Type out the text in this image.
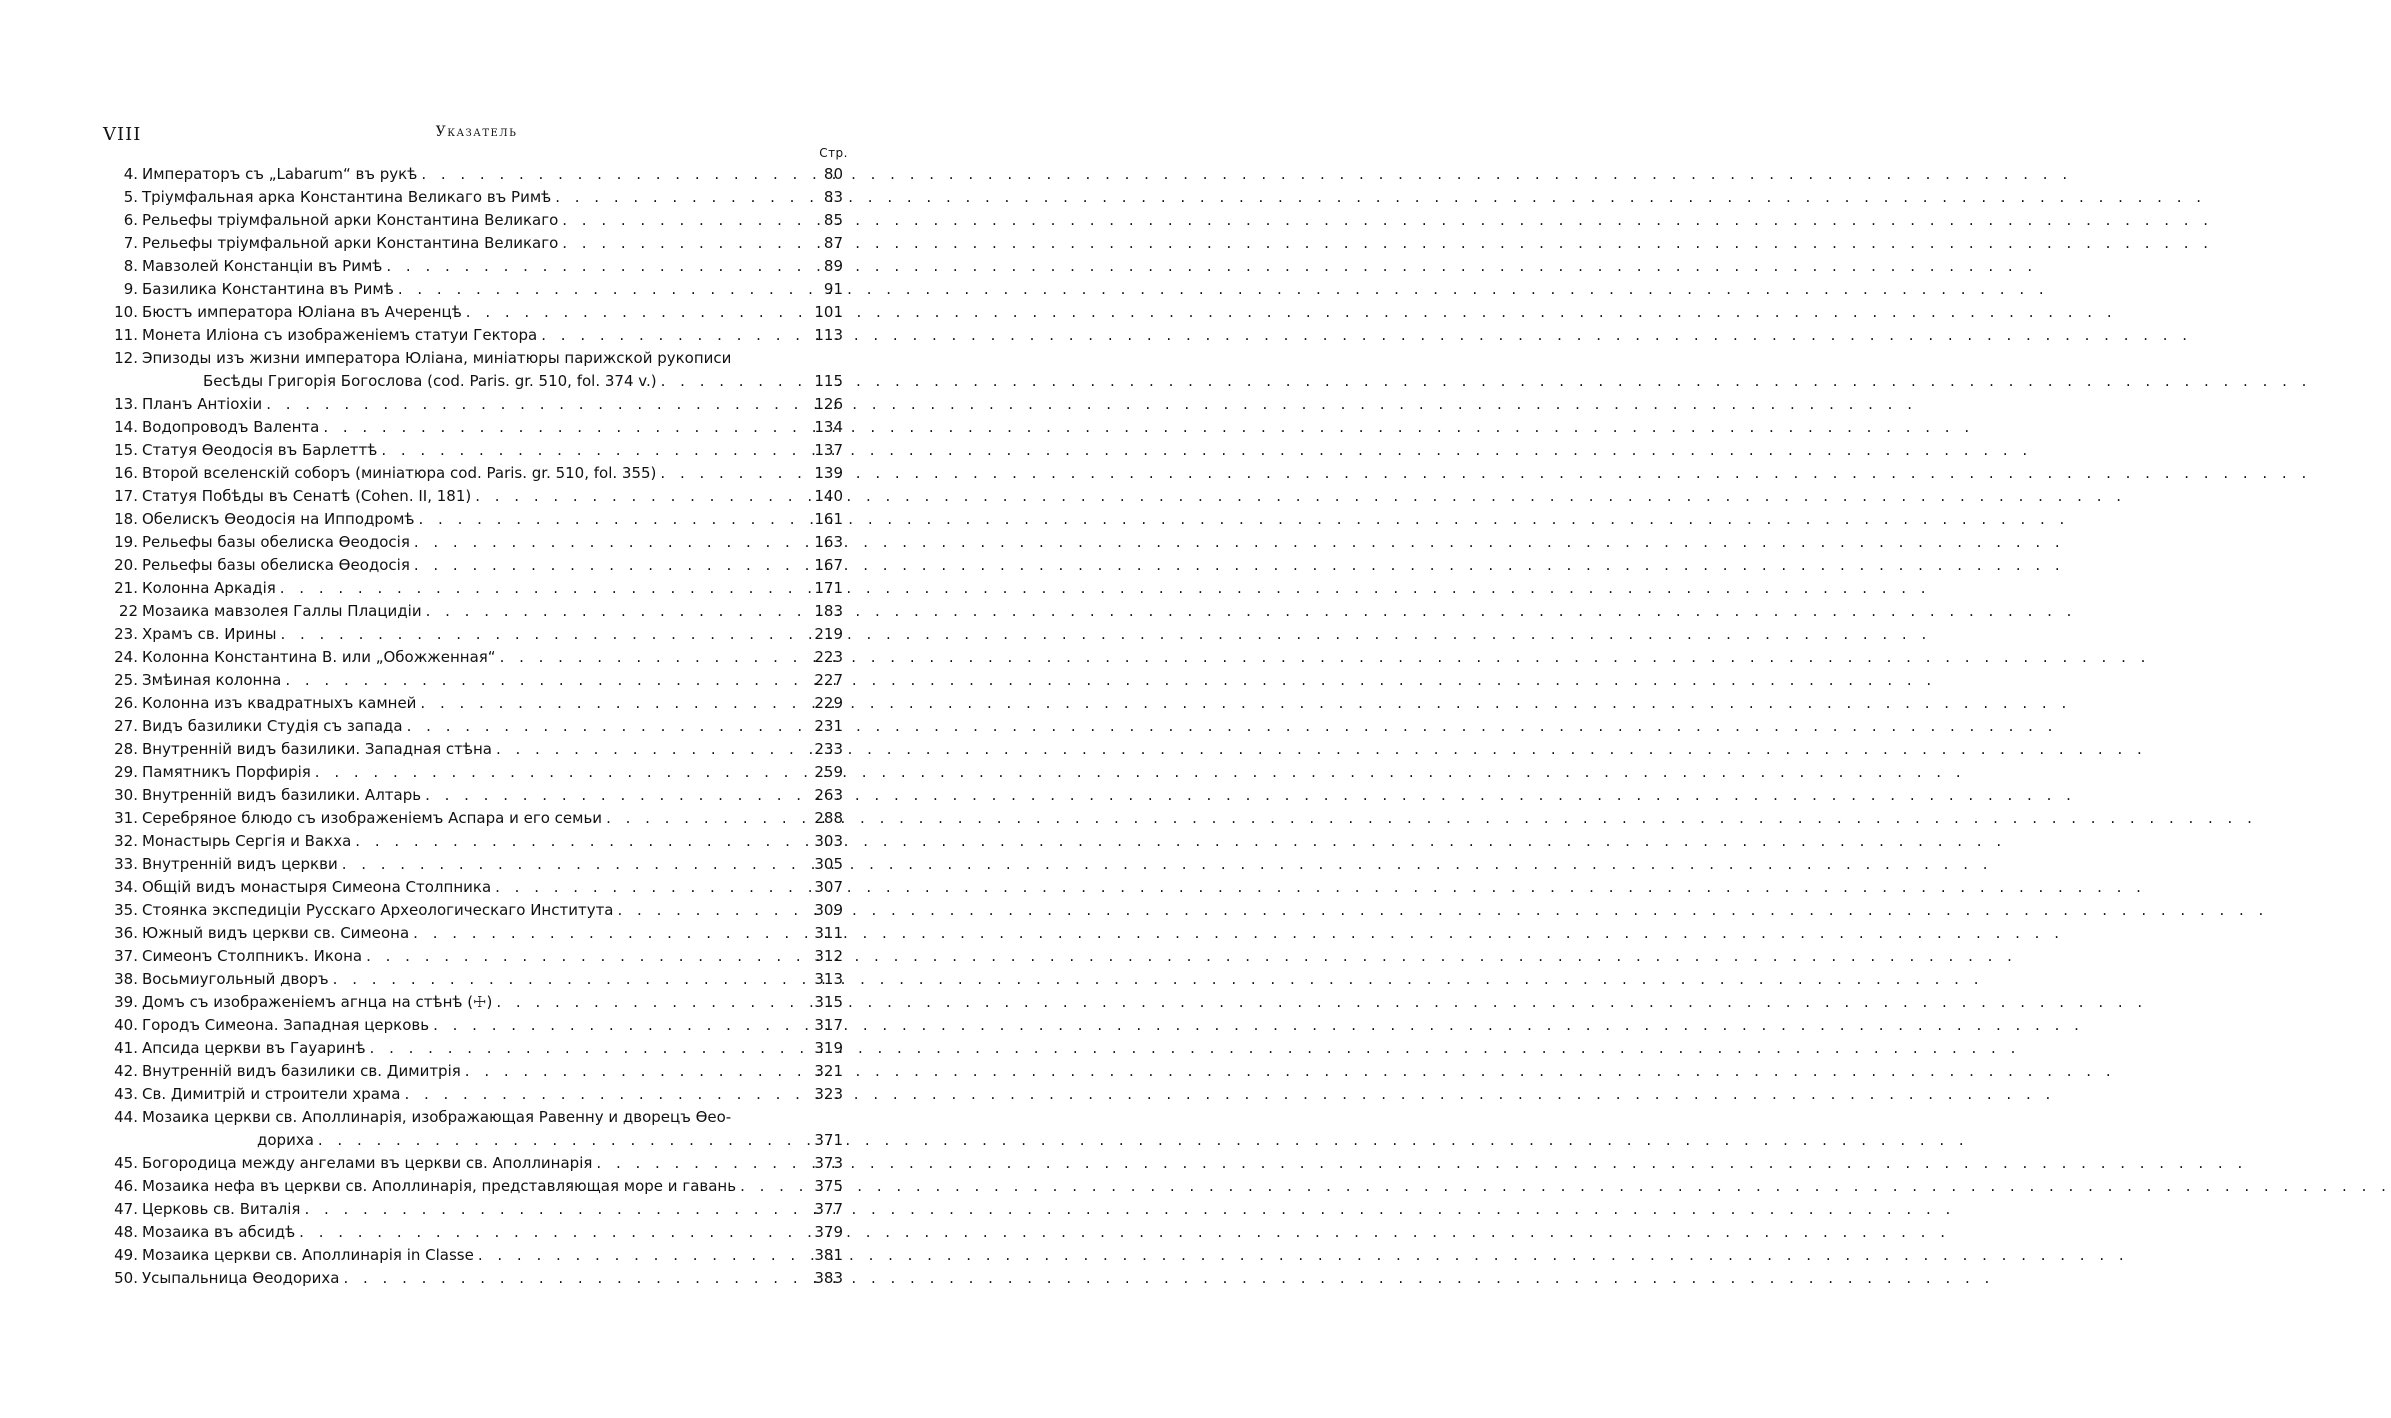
VIII	Указатель
Стр.
4. Императоръ съ „Labarum“ въ рукѣ . . .	80
5. Тріумфальная арка Константина Великаго въ Римѣ . . .	83
6. Рельефы тріумфальной арки Константина Великаго . . .	85
7. Рельефы тріумфальной арки Константина Великаго . . .	87
8. Мавзолей Констанціи въ Римѣ . . .	89
9. Базилика Константина въ Римѣ . . .	91
10. Бюстъ императора Юліана въ Ачеренцѣ . . .	101
11. Монета Иліона съ изображеніемъ статуи Гектора . . .	113
12. Эпизоды изъ жизни императора Юліана, миніатюры парижской рукописи
Бесѣды Григорія Богослова (cod. Paris. gr. 510, fol. 374 v.) . . .	115
13. Планъ Антіохіи . . .	126
14. Водопроводъ Валента . . .	134
15. Статуя Ѳеодосія въ Барлеттѣ . . .	137
16. Второй вселенскій соборъ (миніатюра cod. Paris. gr. 510, fol. 355) . . .	139
17. Статуя Побѣды въ Сенатѣ (Cohen. II, 181) . . .	140
18. Обелискъ Ѳеодосія на Ипподромѣ . . .	161
19. Рельефы базы обелиска Ѳеодосія . . .	163
20. Рельефы базы обелиска Ѳеодосія . . .	167
21. Колонна Аркадія . . .	171
22 Мозаика мавзолея Галлы Плацидіи . . .	183
23. Храмъ св. Ирины . . .	219
24. Колонна Константина В. или „Обожженная“ . . .	223
25. Змѣиная колонна . . .	227
26. Колонна изъ квадратныхъ камней . . .	229
27. Видъ базилики Студія съ запада . . .	231
28. Внутренній видъ базилики. Западная стѣна . . .	233
29. Памятникъ Порфирія . . .	259
30. Внутренній видъ базилики. Алтарь . . .	263
31. Серебряное блюдо съ изображеніемъ Аспара и его семьи . . .	288
32. Монастырь Сергія и Вакха . . .	303
33. Внутренній видъ церкви . . .	305
34. Общій видъ монастыря Симеона Столпника . . .	307
35. Стоянка экспедиціи Русскаго Археологическаго Института . . .	309
36. Южный видъ церкви св. Симеона . . .	311
37. Симеонъ Столпникъ. Икона . . .	312
38. Восьмиугольный дворъ . . .	313
39. Домъ съ изображеніемъ агнца на стѣнѣ (☩) . . .	315
40. Городъ Симеона. Западная церковь . . .	317
41. Апсида церкви въ Гауаринѣ . . .	319
42. Внутренній видъ базилики св. Димитрія . . .	321
43. Св. Димитрій и строители храма . . .	323
44. Мозаика церкви св. Аполлинарія, изображающая Равенну и дворецъ Ѳео-
дориха . . .	371
45. Богородица между ангелами въ церкви св. Аполлинарія . . .	373
46. Мозаика нефа въ церкви св. Аполлинарія, представляющая море и гавань . . .	375
47. Церковь св. Виталія . . .	377
48. Мозаика въ абсидѣ . . .	379
49. Мозаика церкви св. Аполлинарія in Classe . . .	381
50. Усыпальница Ѳеодориха . . .	383
